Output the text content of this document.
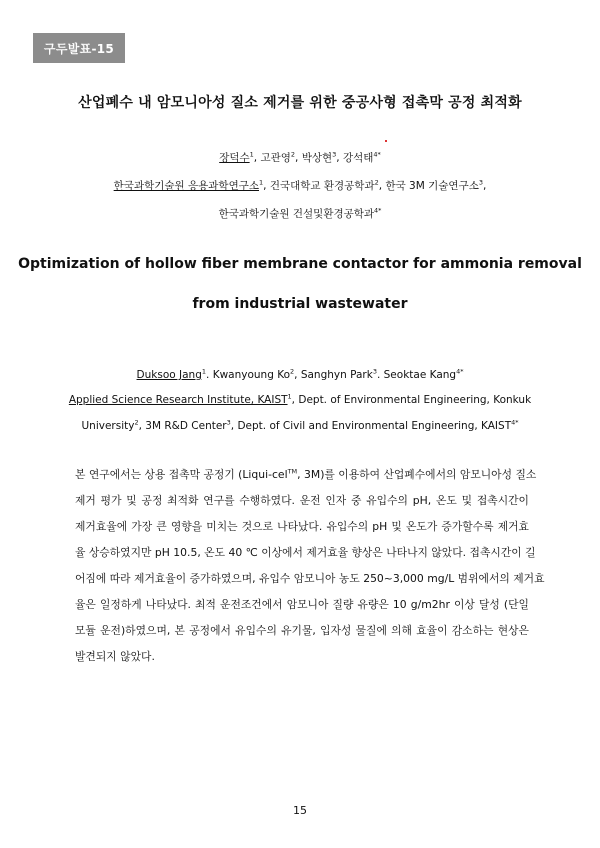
구두발표-15
산업폐수 내 암모니아성 질소 제거를 위한 중공사형 접촉막 공정 최적화
장덕수$^1$, 고관영$^2$, 박상현$^3$, 강석태$^{4*}$
한국과학기술원 응용과학연구소$^1$, 건국대학교 환경공학과$^2$, 한국 3M 기술연구소$^3$,
한국과학기술원 건설및환경공학과$^{4*}$
Optimization of hollow fiber membrane contactor for ammonia removal
from industrial wastewater
Duksoo Jang$^1$. Kwanyoung Ko$^2$, Sanghyn Park$^3$. Seoktae Kang$^{4*}$
Applied Science Research Institute, KAIST$^1$, Dept. of Environmental Engineering, Konkuk
University$^2$, 3M R&D Center$^3$, Dept. of Civil and Environmental Engineering, $KAIST^{4*}$
본 연구에서는 상용 접촉막 공정기 (Liqui-cel™, 3M)를 이용하여 산업폐수에서의 암모니아성 질소
제거 평가 및 공정 최적화 연구를 수행하였다. 운전 인자 중 유입수의 pH, 온도 및 접촉시간이
제거효율에 가장 큰 영향을 미치는 것으로 나타났다. 유입수의 pH 및 온도가 증가할수록 제거효
율 상승하였지만 pH 10.5, 온도 40 ℃ 이상에서 제거효율 향상은 나타나지 않았다. 접촉시간이 길
어짐에 따라 제거효율이 증가하였으며, 유입수 암모니아 농도 250~3,000 mg/L 범위에서의 제거효
율은 일정하게 나타났다. 최적 운전조건에서 암모니아 질량 유량은 10 g/m2hr 이상 달성 (단일
모듈 운전)하였으며, 본 공정에서 유입수의 유기물, 입자성 물질에 의해 효율이 감소하는 현상은
발견되지 않았다.
15
